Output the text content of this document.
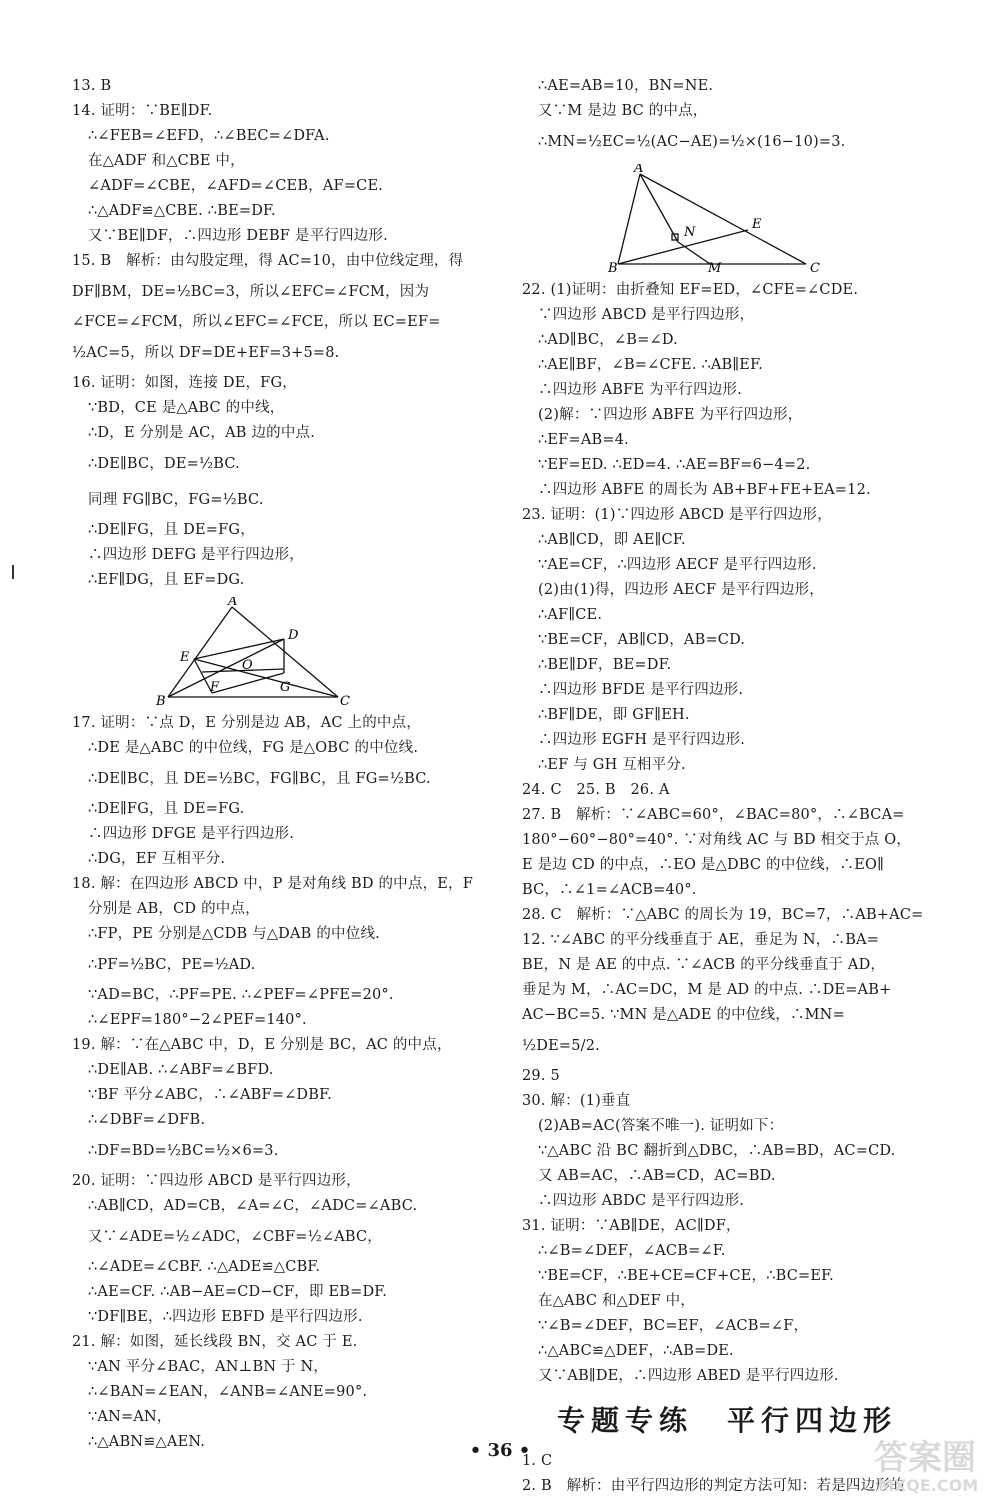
13. B
14. 证明：∵BE∥DF.
∴∠FEB=∠EFD，∴∠BEC=∠DFA.
在△ADF 和△CBE 中，
∠ADF=∠CBE，∠AFD=∠CEB，AF=CE.
∴△ADF≌△CBE. ∴BE=DF.
又∵BE∥DF，∴四边形 DEBF 是平行四边形.
15. B　解析：由勾股定理，得 AC=10，由中位线定理，得
DF∥BM，DE=½BC=3，所以∠EFC=∠FCM，因为
∠FCE=∠FCM，所以∠EFC=∠FCE，所以 EC=EF=
½AC=5，所以 DF=DE+EF=3+5=8.
16. 证明：如图，连接 DE，FG，
∵BD，CE 是△ABC 的中线，
∴D，E 分别是 AC，AB 边的中点.
∴DE∥BC，DE=½BC.
同理 FG∥BC，FG=½BC.
∴DE∥FG，且 DE=FG，
∴四边形 DEFG 是平行四边形，
∴EF∥DG，且 EF=DG.
A
D
E
O
B
F	G
C
17. 证明：∵点 D，E 分别是边 AB，AC 上的中点，
∴DE 是△ABC 的中位线，FG 是△OBC 的中位线.
∴DE∥BC，且 DE=½BC，FG∥BC，且 FG=½BC.
∴DE∥FG，且 DE=FG.
∴四边形 DFGE 是平行四边形.
∴DG，EF 互相平分.
18. 解：在四边形 ABCD 中，P 是对角线 BD 的中点，E，F
分别是 AB，CD 的中点，
∴FP，PE 分别是△CDB 与△DAB 的中位线.
∴PF=½BC，PE=½AD.
∵AD=BC，∴PF=PE. ∴∠PEF=∠PFE=20°.
∴∠EPF=180°−2∠PEF=140°.
19. 解：∵在△ABC 中，D，E 分别是 BC，AC 的中点，
∴DE∥AB. ∴∠ABF=∠BFD.
∵BF 平分∠ABC，∴∠ABF=∠DBF.
∴∠DBF=∠DFB.
∴DF=BD=½BC=½×6=3.
20. 证明：∵四边形 ABCD 是平行四边形，
∴AB∥CD，AD=CB，∠A=∠C，∠ADC=∠ABC.
又∵∠ADE=½∠ADC，∠CBF=½∠ABC，
∴∠ADE=∠CBF. ∴△ADE≌△CBF.
∴AE=CF. ∴AB−AE=CD−CF，即 EB=DF.
∵DF∥BE，∴四边形 EBFD 是平行四边形.
21. 解：如图，延长线段 BN，交 AC 于 E.
∵AN 平分∠BAC，AN⊥BN 于 N，
∴∠BAN=∠EAN，∠ANB=∠ANE=90°.
∵AN=AN，
∴△ABN≌△AEN.
∴AE=AB=10，BN=NE.
又∵M 是边 BC 的中点，
∴MN=½EC=½(AC−AE)=½×(16−10)=3.
A
E
N
B	M	C
22. (1)证明：由折叠知 EF=ED，∠CFE=∠CDE.
∵四边形 ABCD 是平行四边形，
∴AD∥BC，∠B=∠D.
∴AE∥BF，∠B=∠CFE. ∴AB∥EF.
∴四边形 ABFE 为平行四边形.
(2)解：∵四边形 ABFE 为平行四边形，
∴EF=AB=4.
∵EF=ED. ∴ED=4. ∴AE=BF=6−4=2.
∴四边形 ABFE 的周长为 AB+BF+FE+EA=12.
23. 证明：(1)∵四边形 ABCD 是平行四边形，
∴AB∥CD，即 AE∥CF.
∵AE=CF，∴四边形 AECF 是平行四边形.
(2)由(1)得，四边形 AECF 是平行四边形，
∴AF∥CE.
∵BE=CF，AB∥CD，AB=CD.
∴BE∥DF，BE=DF.
∴四边形 BFDE 是平行四边形.
∴BF∥DE，即 GF∥EH.
∴四边形 EGFH 是平行四边形.
∴EF 与 GH 互相平分.
24. C　25. B　26. A
27. B　解析：∵∠ABC=60°，∠BAC=80°，∴∠BCA=
180°−60°−80°=40°. ∵对角线 AC 与 BD 相交于点 O，
E 是边 CD 的中点，∴EO 是△DBC 的中位线，∴EO∥
BC，∴∠1=∠ACB=40°.
28. C　解析：∵△ABC 的周长为 19，BC=7，∴AB+AC=
12. ∵∠ABC 的平分线垂直于 AE，垂足为 N，∴BA=
BE，N 是 AE 的中点. ∵∠ACB 的平分线垂直于 AD，
垂足为 M，∴AC=DC，M 是 AD 的中点. ∴DE=AB+
AC−BC=5. ∵MN 是△ADE 的中位线，∴MN=
½DE=5/2.
29. 5
30. 解：(1)垂直
(2)AB=AC(答案不唯一). 证明如下：
∵△ABC 沿 BC 翻折到△DBC，∴AB=BD，AC=CD.
又 AB=AC，∴AB=CD，AC=BD.
∴四边形 ABDC 是平行四边形.
31. 证明：∵AB∥DE，AC∥DF，
∴∠B=∠DEF，∠ACB=∠F.
∵BE=CF，∴BE+CE=CF+CE，∴BC=EF.
在△ABC 和△DEF 中，
∵∠B=∠DEF，BC=EF，∠ACB=∠F，
∴△ABC≌△DEF，∴AB=DE.
又∵AB∥DE，∴四边形 ABED 是平行四边形.
专题专练　平行四边形
1. C
2. B　解析：由平行四边形的判定方法可知：若是四边形的
• 36 •	答案圈
MXQE.COM
